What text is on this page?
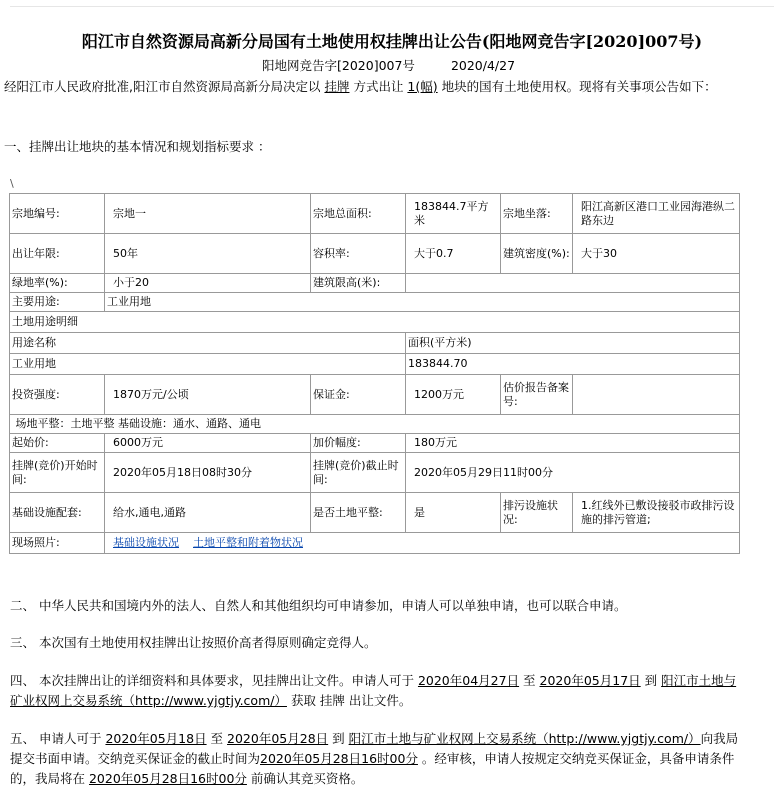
阳江市自然资源局高新分局国有土地使用权挂牌出让公告(阳地网竞告字[2020]007号)
阳地网竞告字[2020]007号	2020/4/27
经阳江市人民政府批准,阳江市自然资源局高新分局决定以 挂牌 方式出让 1(幅) 地块的国有土地使用权。现将有关事项公告如下：
一、挂牌出让地块的基本情况和规划指标要求 ：
\
宗地编号:	宗地一	宗地总面积:	183844.7平方米	宗地坐落:	阳江高新区港口工业园海港纵二路东边
出让年限:	50年	容积率:	大于0.7	建筑密度(%):	大于30
绿地率(%):	小于20	建筑限高(米):			
主要用途:	工业用地				
土地用途明细					
用途名称			面积(平方米)		
工业用地			183844.70		
投资强度:	1870万元/公顷	保证金:	1200万元	估价报告备案号:	
场地平整：土地平整 基础设施：通水、通路、通电					
起始价:	6000万元	加价幅度:	180万元		
挂牌(竞价)开始时间:	2020年05月18日08时30分	挂牌(竞价)截止时间:	2020年05月29日11时00分		
基础设施配套:	给水,通电,通路	是否土地平整:	是	排污设施状况:	1.红线外已敷设接驳市政排污设施的排污管道;
现场照片:	基础设施状况 土地平整和附着物状况				
二、 中华人民共和国境内外的法人、自然人和其他组织均可申请参加，申请人可以单独申请，也可以联合申请。
三、 本次国有土地使用权挂牌出让按照价高者得原则确定竞得人。
四、 本次挂牌出让的详细资料和具体要求，见挂牌出让文件。申请人可于 2020年04月27日 至 2020年05月17日 到 阳江市土地与矿业权网上交易系统（http://www.yjgtjy.com/） 获取 挂牌 出让文件。
五、 申请人可于 2020年05月18日 至 2020年05月28日 到 阳江市土地与矿业权网上交易系统（http://www.yjgtjy.com/）向我局提交书面申请。交纳竞买保证金的截止时间为2020年05月28日16时00分 。经审核，申请人按规定交纳竞买保证金，具备申请条件的，我局将在 2020年05月28日16时00分 前确认其竞买资格。
